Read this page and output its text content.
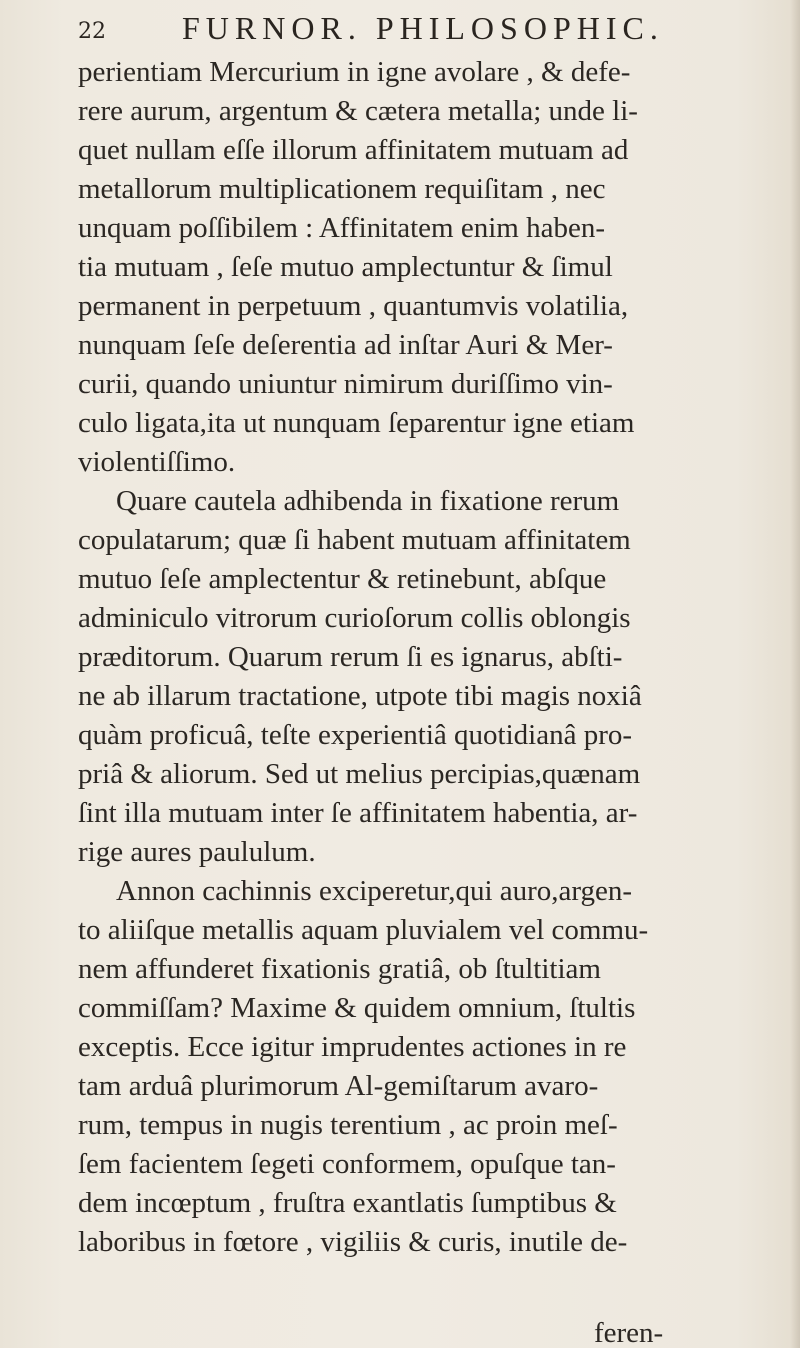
22 FURNOR. PHILOSOPHIC.
perientiam Mercurium in igne avolare , & defe-
rere aurum, argentum & cætera metalla; unde li-
quet nullam eſſe illorum affinitatem mutuam ad
metallorum multiplicationem requiſitam , nec
unquam poſſibilem : Affinitatem enim haben-
tia mutuam , ſeſe mutuo amplectuntur & ſimul
permanent in perpetuum , quantumvis volatilia,
nunquam ſeſe deſerentia ad inſtar Auri & Mer-
curii, quando uniuntur nimirum duriſſimo vin-
culo ligata,ita ut nunquam ſeparentur igne etiam
violentiſſimo.
Quare cautela adhibenda in fixatione rerum
copulatarum; quæ ſi habent mutuam affinitatem
mutuo ſeſe amplectentur & retinebunt, abſque
adminiculo vitrorum curioſorum collis oblongis
præditorum. Quarum rerum ſi es ignarus, abſti-
ne ab illarum tractatione, utpote tibi magis noxiâ
quàm proficuâ, teſte experientiâ quotidianâ pro-
priâ & aliorum. Sed ut melius percipias,quænam
ſint illa mutuam inter ſe affinitatem habentia, ar-
rige aures paululum.
Annon cachinnis exciperetur,qui auro,argen-
to aliiſque metallis aquam pluvialem vel commu-
nem affunderet fixationis gratiâ, ob ſtultitiam
commiſſam? Maxime & quidem omnium, ſtultis
exceptis. Ecce igitur imprudentes actiones in re
tam arduâ plurimorum Al-gemiſtarum avaro-
rum, tempus in nugis terentium , ac proin meſ-
ſem facientem ſegeti conformem, opuſque tan-
dem incœptum , fruſtra exantlatis ſumptibus &
laboribus in fœtore , vigiliis & curis, inutile de-
feren-
